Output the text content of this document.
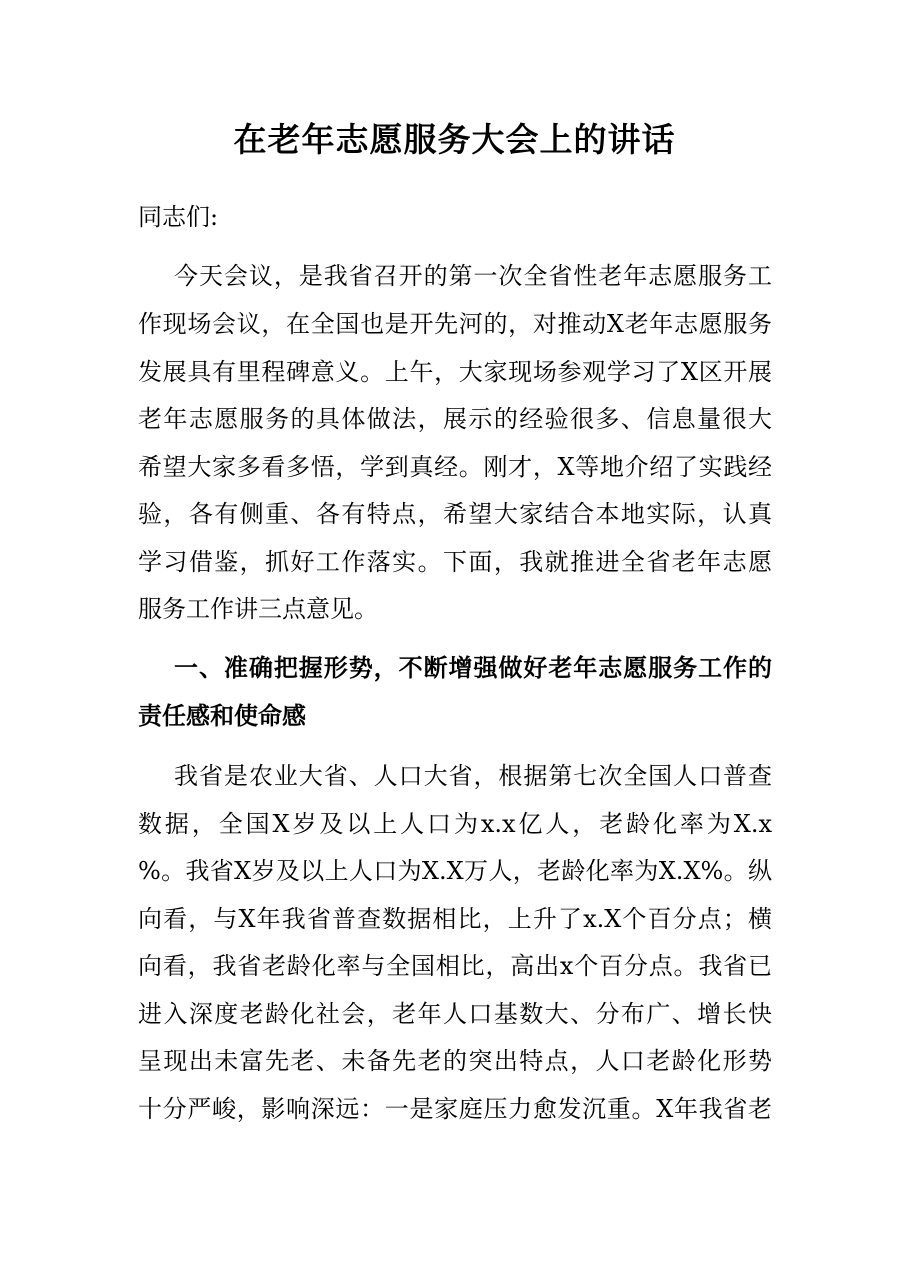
在老年志愿服务大会上的讲话
同志们:
今天会议，是我省召开的第一次全省性老年志愿服务工
作现场会议，在全国也是开先河的，对推动X老年志愿服务
发展具有里程碑意义。上午，大家现场参观学习了X区开展
老年志愿服务的具体做法，展示的经验很多、信息量很大
希望大家多看多悟，学到真经。刚才，X等地介绍了实践经
验，各有侧重、各有特点，希望大家结合本地实际，认真
学习借鉴，抓好工作落实。下面，我就推进全省老年志愿
服务工作讲三点意见。
一、准确把握形势，不断增强做好老年志愿服务工作的
责任感和使命感
我省是农业大省、人口大省，根据第七次全国人口普查
数据，全国X岁及以上人口为x.x亿人，老龄化率为X.x
%。我省X岁及以上人口为X.X万人，老龄化率为X.X%。纵
向看，与X年我省普查数据相比，上升了x.X个百分点；横
向看，我省老龄化率与全国相比，高出x个百分点。我省已
进入深度老龄化社会，老年人口基数大、分布广、增长快
呈现出未富先老、未备先老的突出特点，人口老龄化形势
十分严峻，影响深远：一是家庭压力愈发沉重。X年我省老
